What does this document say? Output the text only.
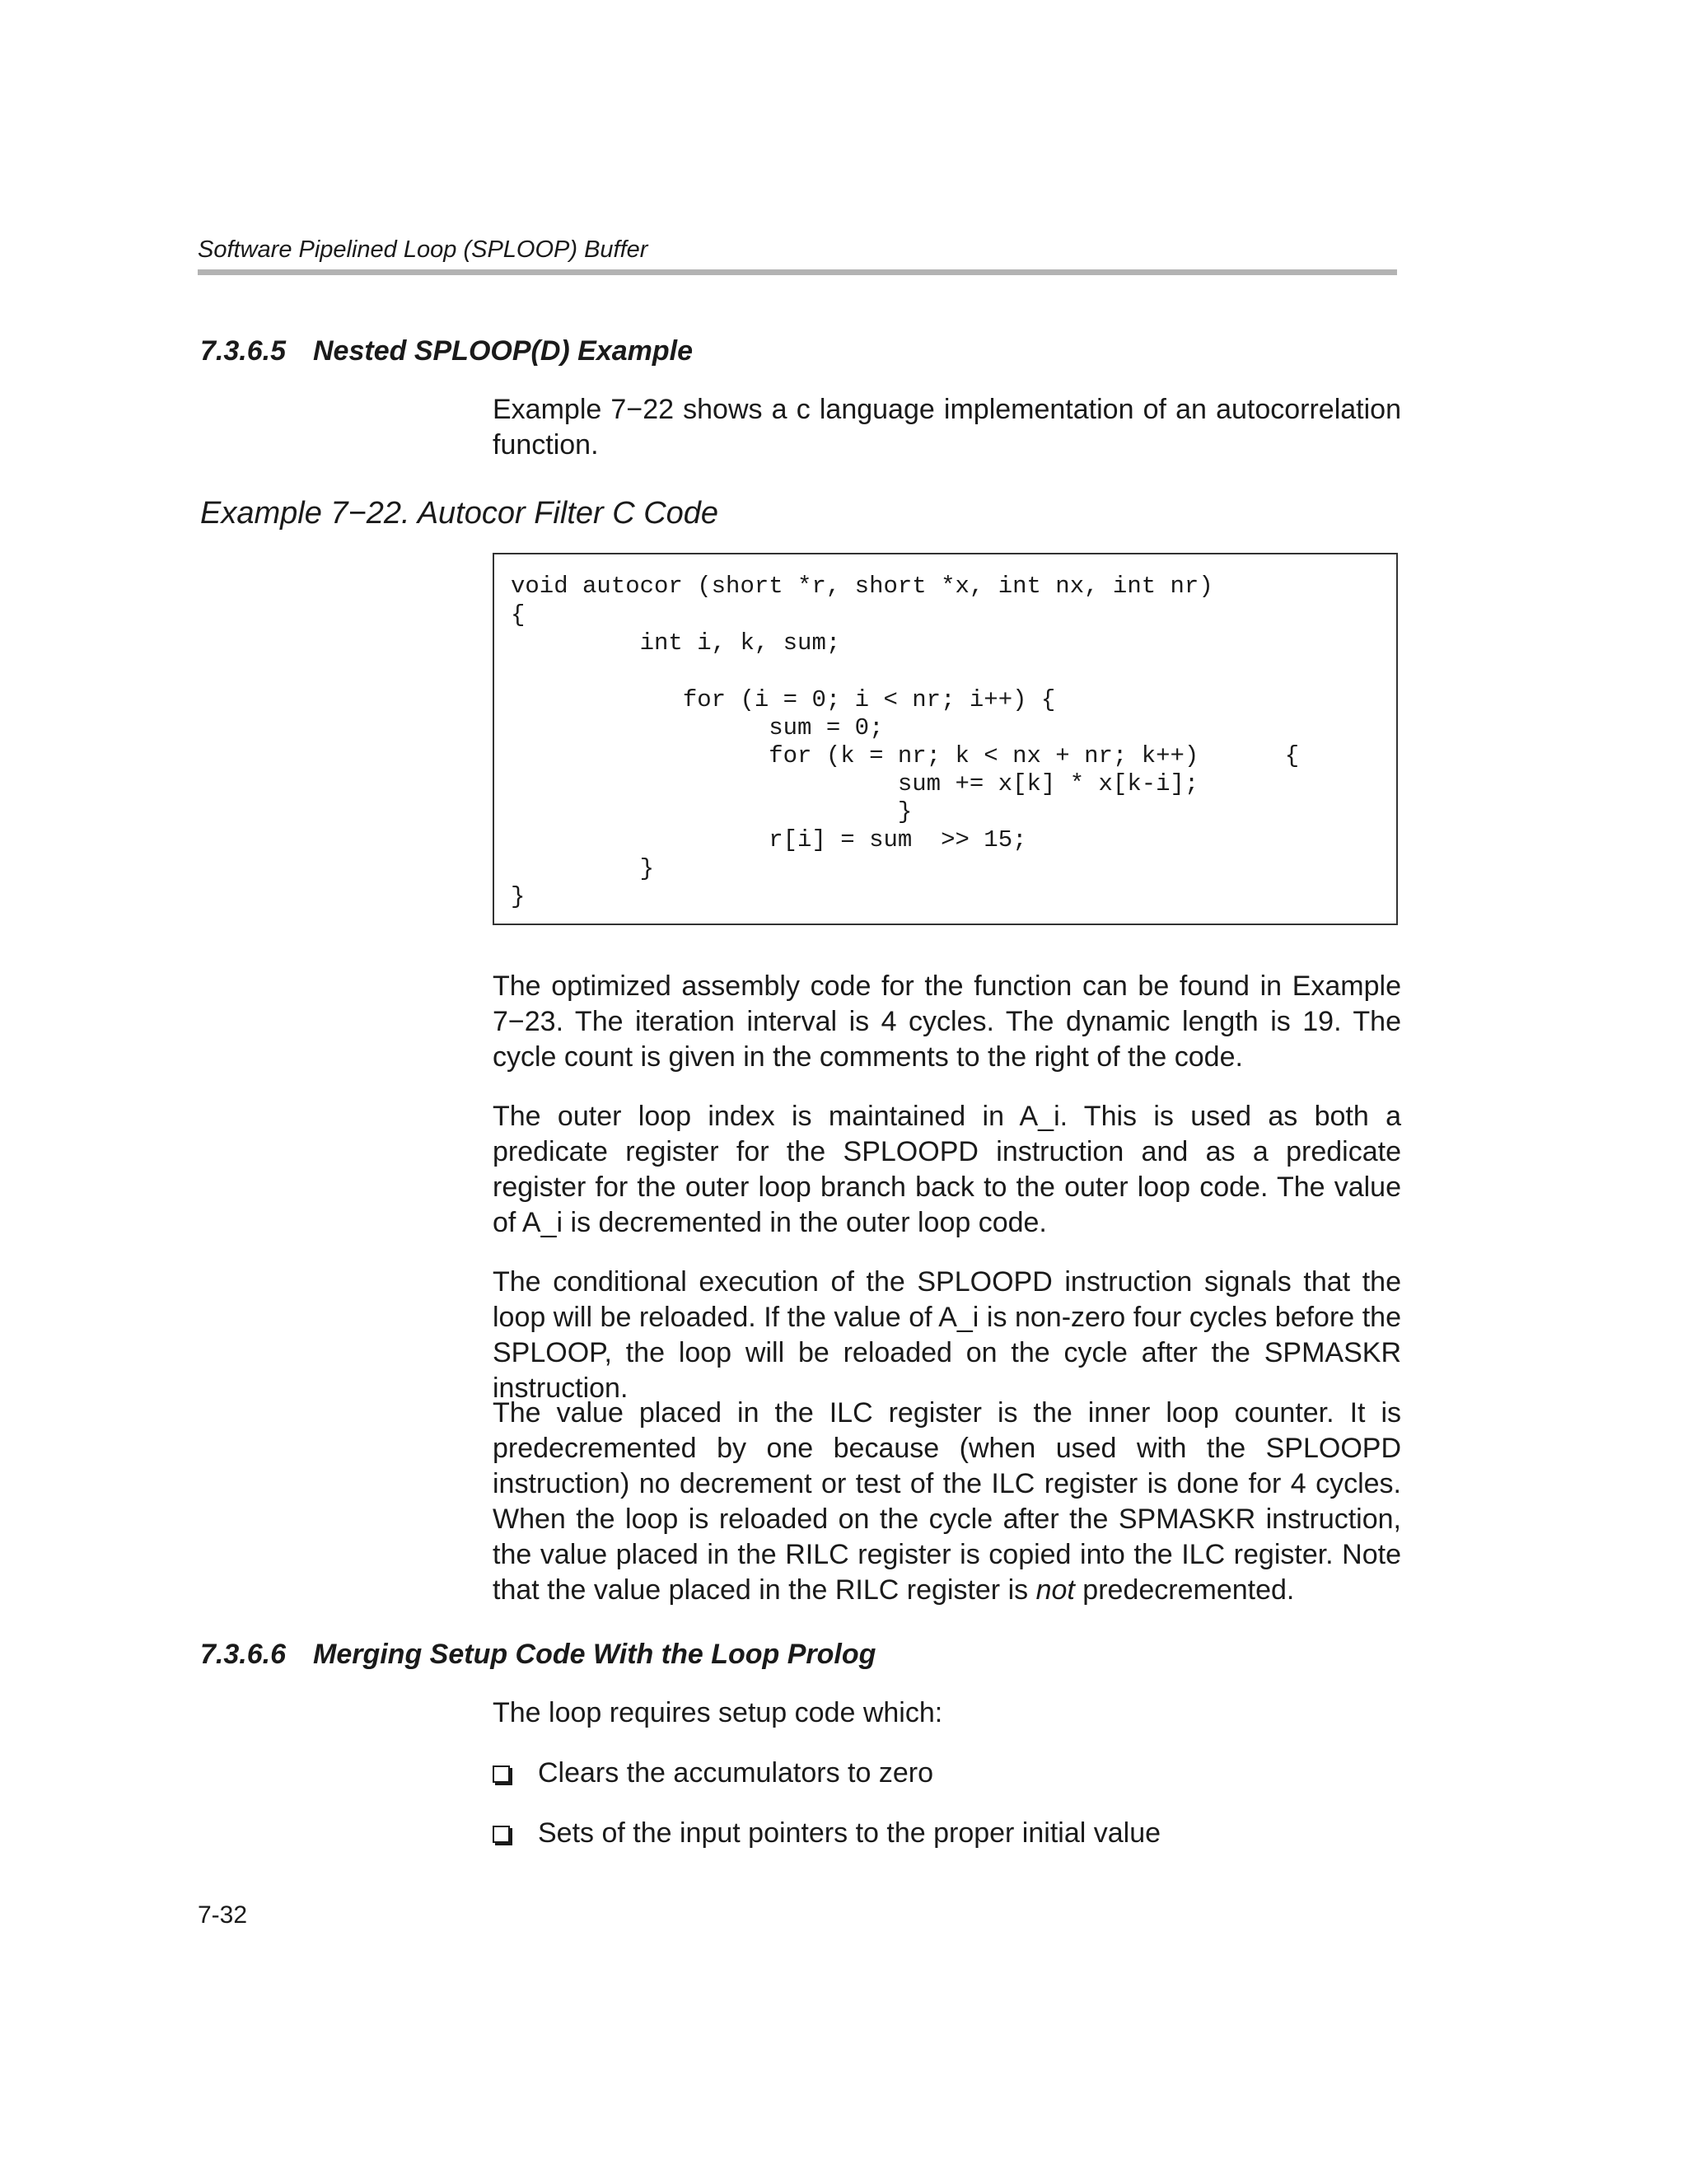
Software Pipelined Loop (SPLOOP) Buffer
7.3.6.5 Nested SPLOOP(D) Example

Example 7−22 shows a c language implementation of an autocorrelation function.

Example 7−22. Autocor Filter C Code
void autocor (short *r, short *x, int nx, int nr)
{
int i, k, sum;
for (i = 0; i < nr; i++) {
sum = 0;
for (k = nr; k < nx + nr; k++)      {
sum += x[k] * x[k-i];
}
r[i] = sum  >> 15;
}
}

The optimized assembly code for the function can be found in Example 7−23. The iteration interval is 4 cycles. The dynamic length is 19. The cycle count is given in the comments to the right of the code.

The outer loop index is maintained in A_i. This is used as both a predicate register for the SPLOOPD instruction and as a predicate register for the outer loop branch back to the outer loop code. The value of A_i is decremented in the outer loop code.

The conditional execution of the SPLOOPD instruction signals that the loop will be reloaded. If the value of A_i is non-zero four cycles before the SPLOOP, the loop will be reloaded on the cycle after the SPMASKR instruction.

The value placed in the ILC register is the inner loop counter. It is predecremented by one because (when used with the SPLOOPD instruction) no decrement or test of the ILC register is done for 4 cycles. When the loop is reloaded on the cycle after the SPMASKR instruction, the value placed in the RILC register is copied into the ILC register. Note that the value placed in the RILC register is not predecremented.

7.3.6.6 Merging Setup Code With the Loop Prolog

The loop requires setup code which:

Clears the accumulators to zero
Sets of the input pointers to the proper initial value
7-32
